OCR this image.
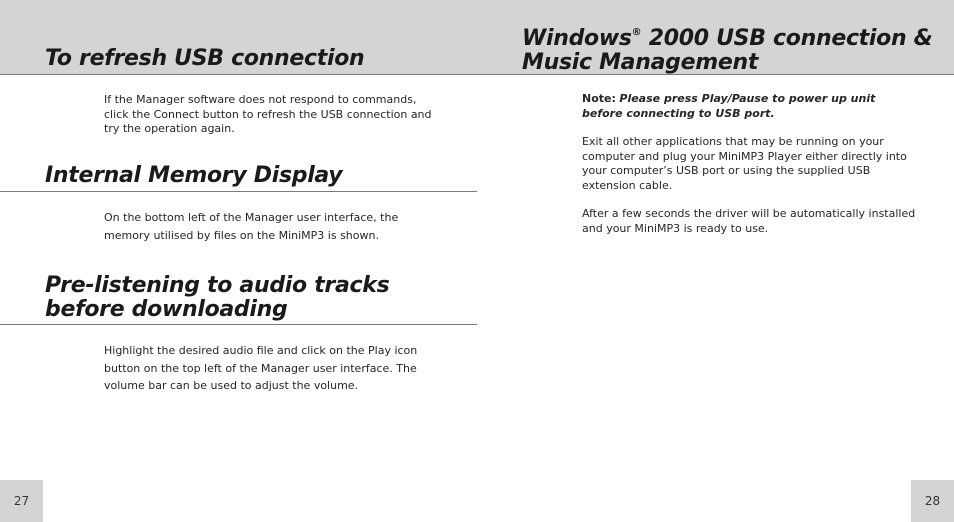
To refresh USB connection

If the Manager software does not respond to commands, click the Connect button to refresh the USB connection and try the operation again.

Internal Memory Display

On the bottom left of the Manager user interface, the memory utilised by files on the MiniMP3 is shown.

Pre-listening to audio tracks before downloading

Highlight the desired audio file and click on the Play icon button on the top left of the Manager user interface. The volume bar can be used to adjust the volume.

27
Windows® 2000 USB connection & Music Management

Note: Please press Play/Pause to power up unit before connecting to USB port.

Exit all other applications that may be running on your computer and plug your MiniMP3 Player either directly into your computer’s USB port or using the supplied USB extension cable.

After a few seconds the driver will be automatically installed and your MiniMP3 is ready to use.

28
